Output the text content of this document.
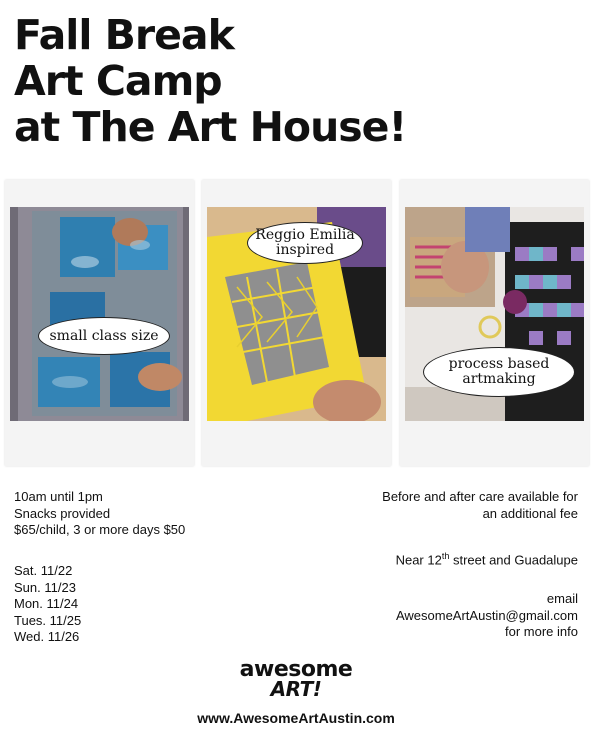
Fall Break
Art Camp
at The Art House!
small class size
Reggio Emilia inspired
process based artmaking
10am until 1pm
Snacks provided
$65/child, 3 or more days $50
Sat. 11/22
Sun. 11/23
Mon. 11/24
Tues. 11/25
Wed. 11/26
Before and after care available for
an additional fee
Near 12th street and Guadalupe
email
AwesomeArtAustin@gmail.com
for more info
awesome
ART!
www.AwesomeArtAustin.com
